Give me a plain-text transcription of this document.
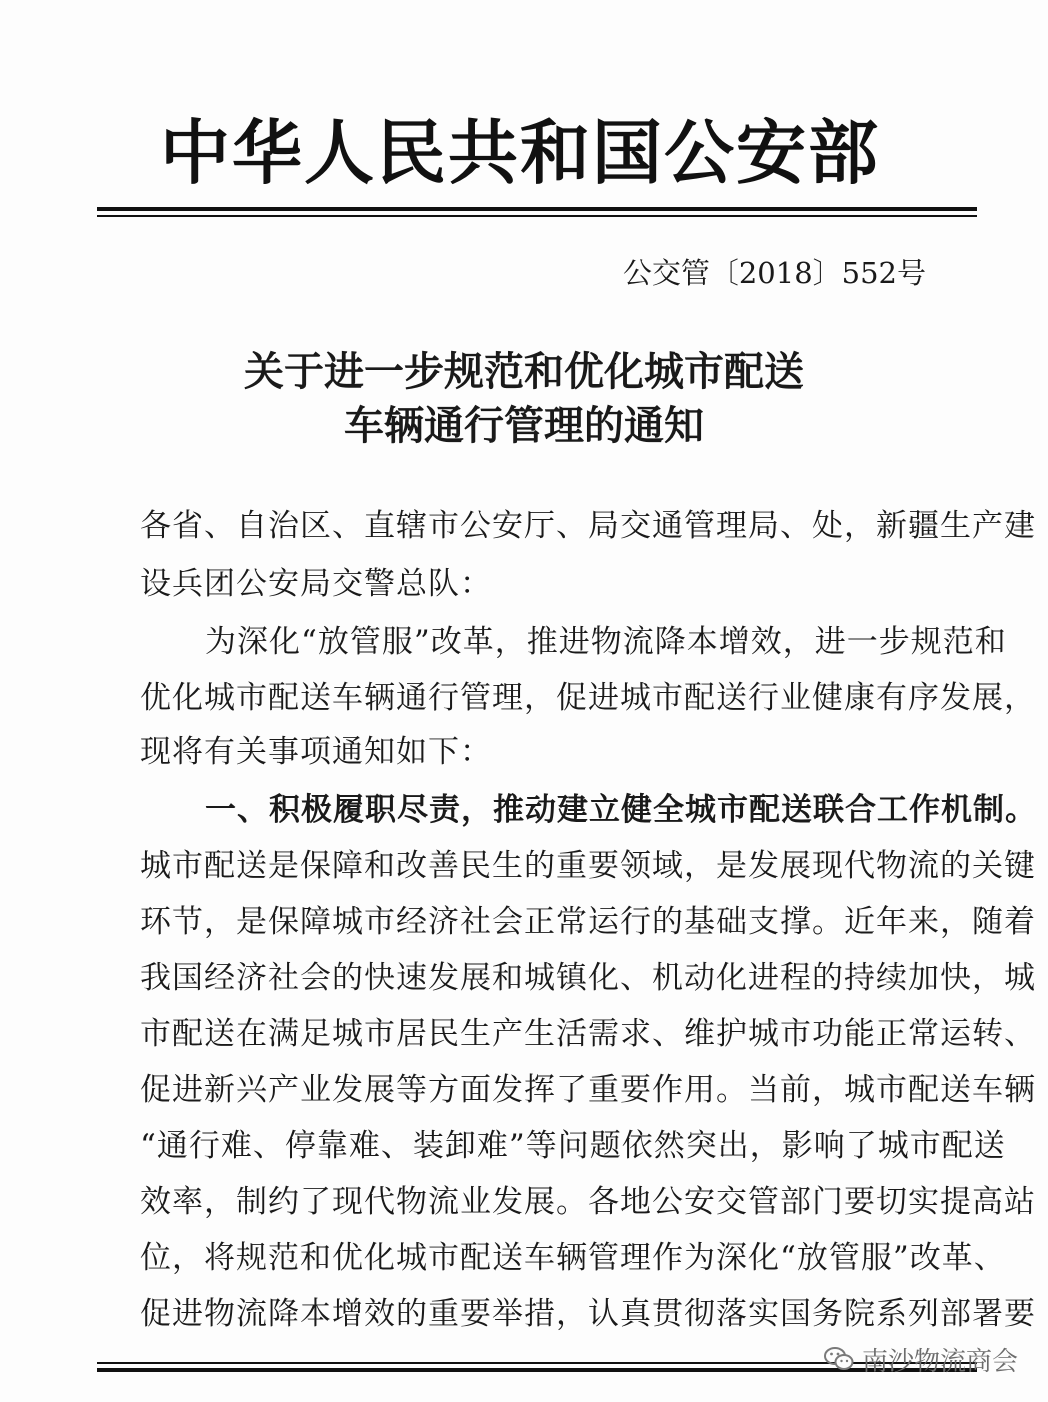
中华人民共和国公安部
公交管〔2018〕552号
关于进一步规范和优化城市配送
车辆通行管理的通知
各省、自治区、直辖市公安厅、局交通管理局、处，新疆生产建
设兵团公安局交警总队：
为深化“放管服”改革，推进物流降本增效，进一步规范和
优化城市配送车辆通行管理，促进城市配送行业健康有序发展，
现将有关事项通知如下：
一、积极履职尽责，推动建立健全城市配送联合工作机制。
城市配送是保障和改善民生的重要领域，是发展现代物流的关键
环节，是保障城市经济社会正常运行的基础支撑。近年来，随着
我国经济社会的快速发展和城镇化、机动化进程的持续加快，城
市配送在满足城市居民生产生活需求、维护城市功能正常运转、
促进新兴产业发展等方面发挥了重要作用。当前，城市配送车辆
“通行难、停靠难、装卸难”等问题依然突出，影响了城市配送
效率，制约了现代物流业发展。各地公安交管部门要切实提高站
位，将规范和优化城市配送车辆管理作为深化“放管服”改革、
促进物流降本增效的重要举措，认真贯彻落实国务院系列部署要
南沙物流商会
